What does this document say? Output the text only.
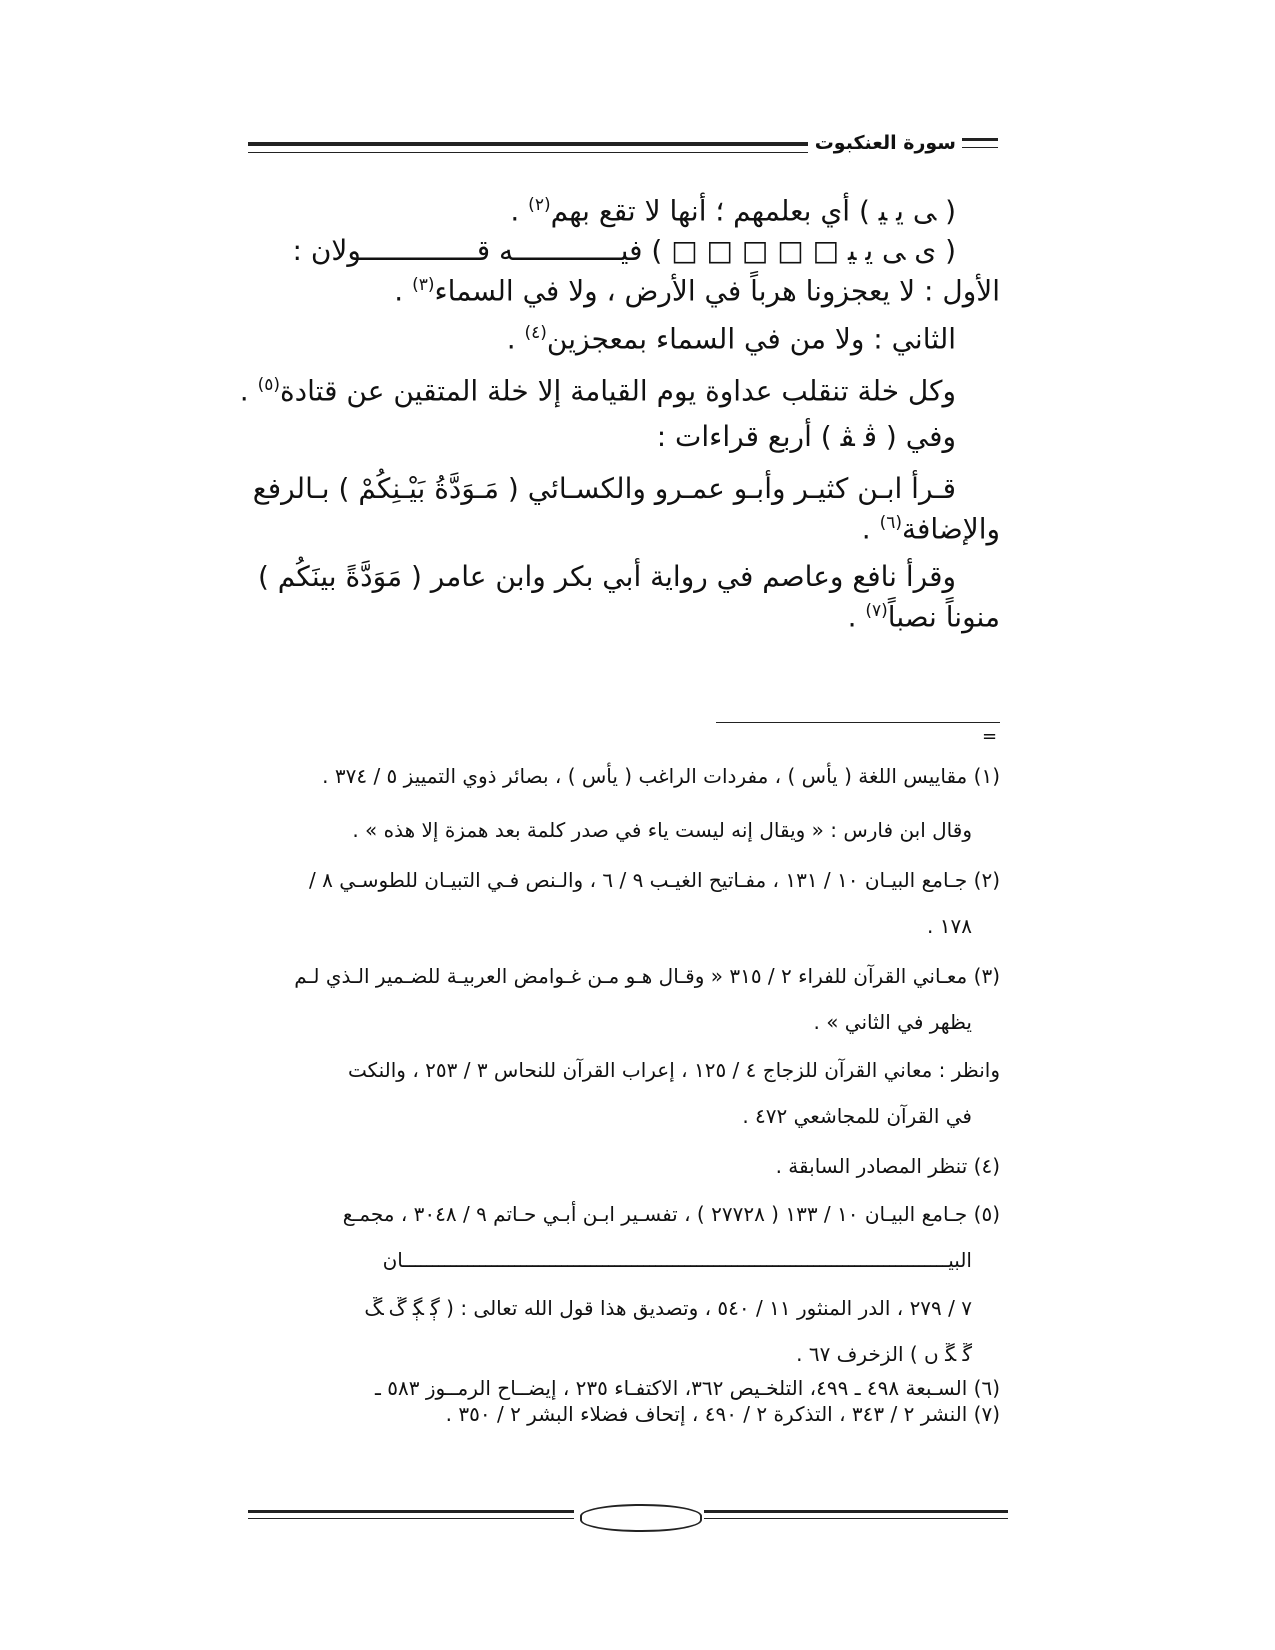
سورة العنكبوت
( ﯽ ﯾ ﯿ ) أي بعلمهم ؛ أنها لا تقع بهم$^{(٢)}$ .
( ﯼ ﯽ ﯾ ﯿ □ □ □ □ □ ) فيـــــــــــــه قــــــــــــــولان :
الأول : لا يعجزونا هرباً في الأرض ، ولا في السماء$^{(٣)}$ .
الثاني : ولا من في السماء بمعجزين$^{(٤)}$ .
وكل خلة تنقلب عداوة يوم القيامة إلا خلة المتقين عن قتادة$^{(٥)}$ .
وفي ( ﭬ ﭭ ) أربع قراءات :
قـرأ ابـن كثيـر وأبـو عمـرو والكسـائي ( مَـوَدَّةُ بَيْـنِكُمْ ) بـالرفع
والإضافة$^{(٦)}$ .
وقرأ نافع وعاصم في رواية أبي بكر وابن عامر ( مَوَدَّةً بينَكُم )
منوناً نصباً$^{(٧)}$ .
=
(١) مقاييس اللغة ( يأس ) ، مفردات الراغب ( يأس ) ، بصائر ذوي التمييز ٥ / ٣٧٤ .
وقال ابن فارس : « ويقال إنه ليست ياء في صدر كلمة بعد همزة إلا هذه » .
(٢) جـامع البيـان ١٠ / ١٣١ ، مفـاتيح الغيـب ٩ / ٦ ، والـنص فـي التبيـان للطوسـي ٨ /
١٧٨ .
(٣) معـاني القرآن للفراء ٢ / ٣١٥ « وقـال هـو مـن غـوامض العربيـة للضـمير الـذي لـم
يظهر في الثاني » .
وانظر : معاني القرآن للزجاج ٤ / ١٢٥ ، إعراب القرآن للنحاس ٣ / ٢٥٣ ، والنكت
في القرآن للمجاشعي ٤٧٢ .
(٤) تنظر المصادر السابقة .
(٥) جـامع البيـان ١٠ / ١٣٣ ( ٢٧٧٢٨ ) ، تفسـير ابـن أبـي حـاتم ٩ / ٣٠٤٨ ، مجمـع
البيـــــــــــــــــــــــــــــــــــــــــــــــــــــــــــــــــــــــــــــــــــــــــــــان
٧ / ٢٧٩ ، الدر المنثور ١١ / ٥٤٠ ، وتصديق هذا قول الله تعالى : ( ﮘ ﮙ ﮚ ﮛ
ﮜ ﮝ ﮞ ) الزخرف ٦٧ .
(٦) السـبعة ٤٩٨ ـ ٤٩٩، التلخـيص ٣٦٢، الاكتفـاء ٢٣٥ ، إيضــاح الرمــوز ٥٨٣ ـ
(٧) النشر ٢ / ٣٤٣ ، التذكرة ٢ / ٤٩٠ ، إتحاف فضلاء البشر ٢ / ٣٥٠ .
